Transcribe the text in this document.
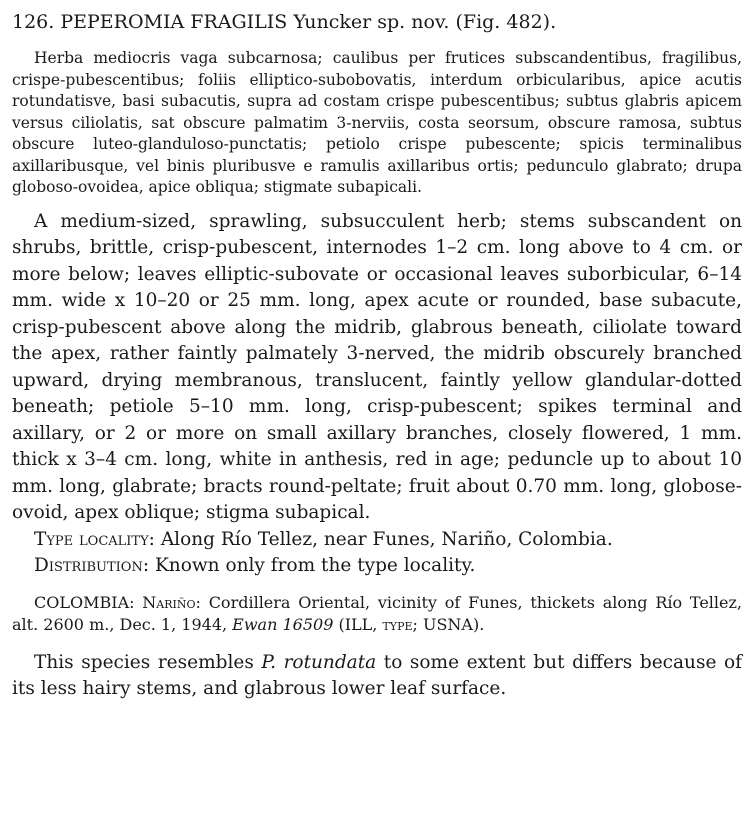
126. PEPEROMIA FRAGILIS Yuncker sp. nov. (Fig. 482).

Herba mediocris vaga subcarnosa; caulibus per frutices subscandentibus, fragilibus, crispe-pubescentibus; foliis elliptico-subobovatis, interdum orbicularibus, apice acutis rotundatisve, basi subacutis, supra ad costam crispe pubescentibus; subtus glabris apicem versus ciliolatis, sat obscure palmatim 3-nerviis, costa seorsum, obscure ramosa, subtus obscure luteo-glanduloso-punctatis; petiolo crispe pubescente; spicis terminalibus axillaribusque, vel binis pluribusve e ramulis axillaribus ortis; pedunculo glabrato; drupa globoso-ovoidea, apice obliqua; stigmate subapicali.

A medium-sized, sprawling, subsucculent herb; stems subscandent on shrubs, brittle, crisp-pubescent, internodes 1–2 cm. long above to 4 cm. or more below; leaves elliptic-subovate or occasional leaves suborbicular, 6–14 mm. wide x 10–20 or 25 mm. long, apex acute or rounded, base subacute, crisp-pubescent above along the midrib, glabrous beneath, ciliolate toward the apex, rather faintly palmately 3-nerved, the midrib obscurely branched upward, drying membranous, translucent, faintly yellow glandular-dotted beneath; petiole 5–10 mm. long, crisp-pubescent; spikes terminal and axillary, or 2 or more on small axillary branches, closely flowered, 1 mm. thick x 3–4 cm. long, white in anthesis, red in age; peduncle up to about 10 mm. long, glabrate; bracts round-peltate; fruit about 0.70 mm. long, globose-ovoid, apex oblique; stigma subapical.

Type locality: Along Río Tellez, near Funes, Nariño, Colombia.

Distribution: Known only from the type locality.

COLOMBIA: Nariño: Cordillera Oriental, vicinity of Funes, thickets along Río Tellez, alt. 2600 m., Dec. 1, 1944, Ewan 16509 (ILL, type; USNA).

This species resembles P. rotundata to some extent but differs because of its less hairy stems, and glabrous lower leaf surface.
